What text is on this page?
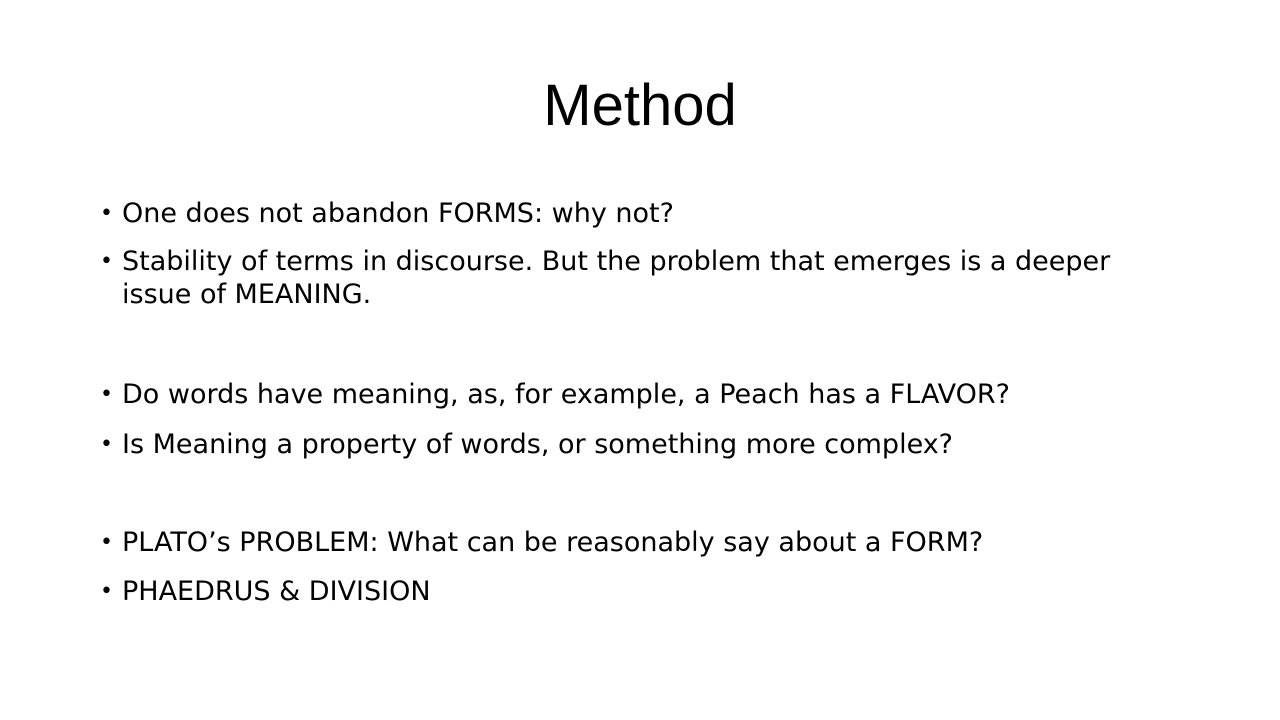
Method
• One does not abandon FORMS: why not?
• Stability of terms in discourse. But the problem that emerges is a deeper issue of MEANING.
• Do words have meaning, as, for example, a Peach has a FLAVOR?
• Is Meaning a property of words, or something more complex?
• PLATO’s PROBLEM: What can be reasonably say about a FORM?
• PHAEDRUS & DIVISION
